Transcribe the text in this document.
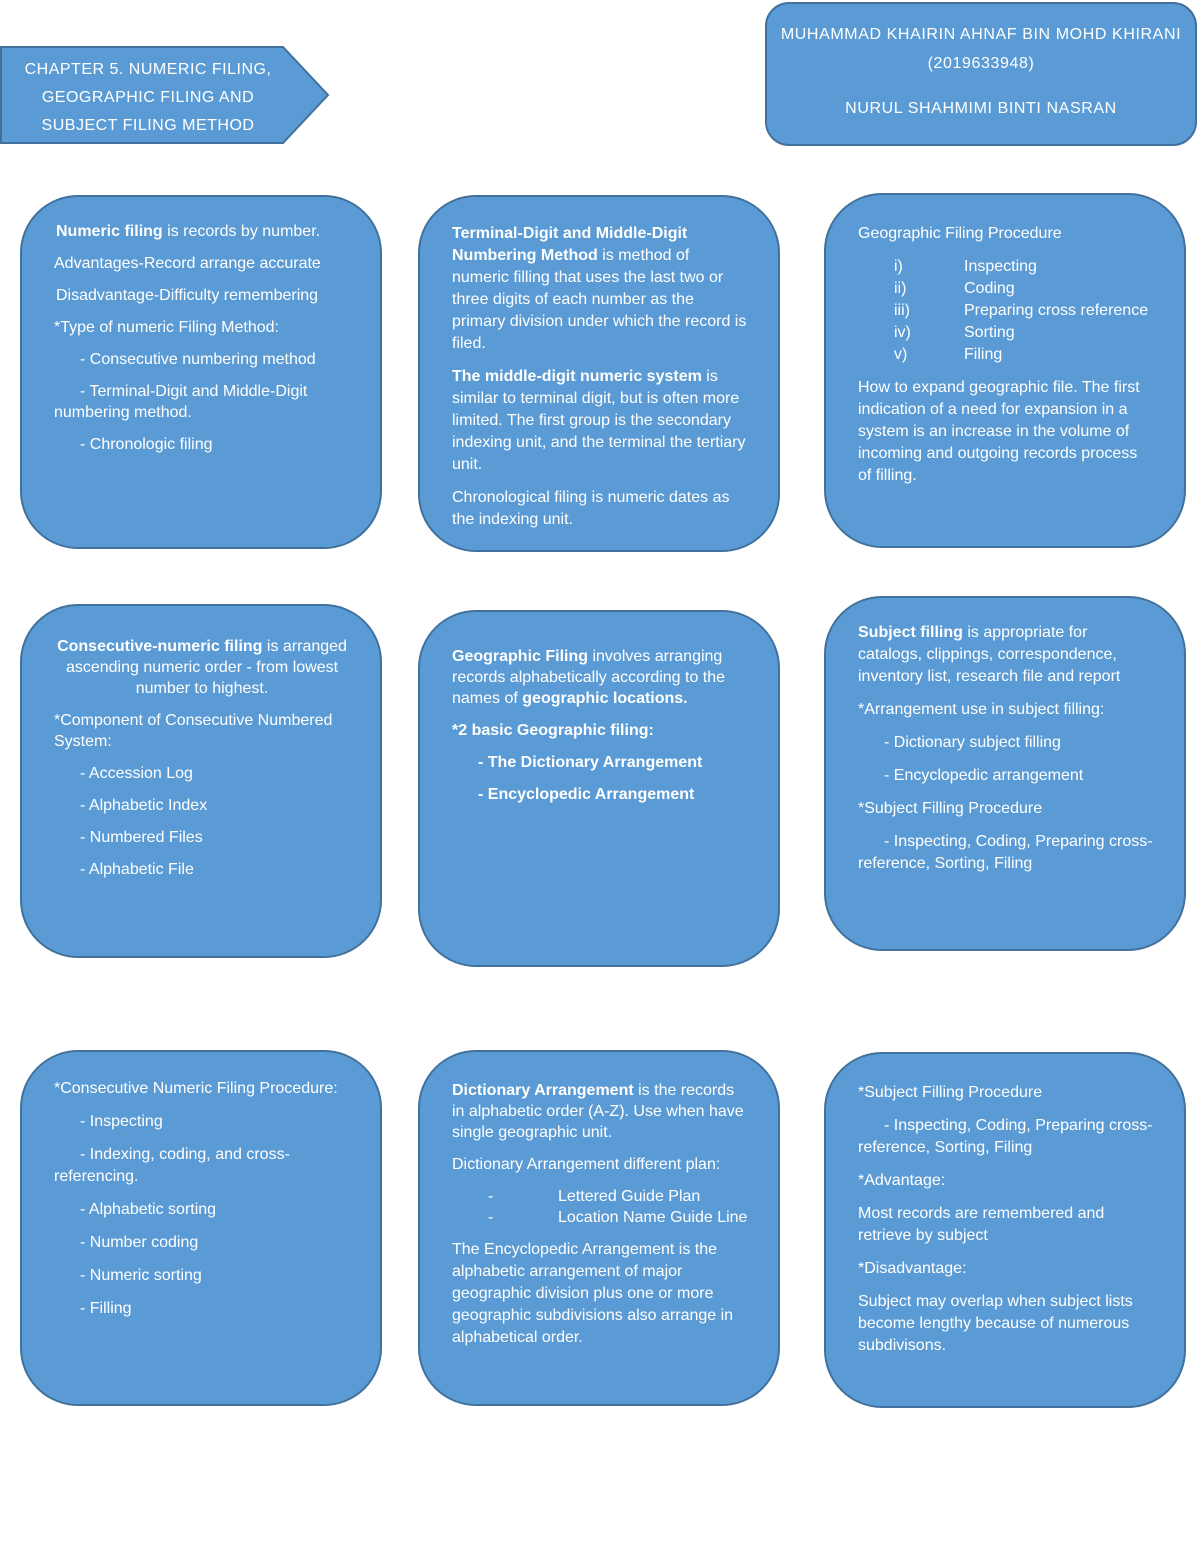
CHAPTER 5. NUMERIC FILING, GEOGRAPHIC FILING AND SUBJECT FILING METHOD
MUHAMMAD KHAIRIN AHNAF BIN MOHD KHIRANI (2019633948)
NURUL SHAHMIMI BINTI NASRAN

Numeric filing is records by number.

Advantages-Record arrange accurate

Disadvantage-Difficulty remembering

*Type of numeric Filing Method:

- Consecutive numbering method

- Terminal-Digit and Middle-Digit numbering method.

- Chronologic filing

Terminal-Digit and Middle-Digit Numbering Method is method of numeric filling that uses the last two or three digits of each number as the primary division under which the record is filed.

The middle-digit numeric system is similar to terminal digit, but is often more limited. The first group is the secondary indexing unit, and the terminal the tertiary unit.

Chronological filing is numeric dates as the indexing unit.

Geographic Filing Procedure

i)	Inspecting
ii)	Coding
iii)	Preparing cross reference
iv)	Sorting
v)	Filing

How to expand geographic file. The first indication of a need for expansion in a system is an increase in the volume of incoming and outgoing records process of filling.

Consecutive-numeric filing is arranged ascending numeric order - from lowest number to highest.

*Component of Consecutive Numbered System:

- Accession Log

- Alphabetic Index

- Numbered Files

- Alphabetic File

Geographic Filing involves arranging records alphabetically according to the names of geographic locations.

*2 basic Geographic filing:

- The Dictionary Arrangement

- Encyclopedic Arrangement

Subject filling is appropriate for catalogs, clippings, correspondence, inventory list, research file and report

*Arrangement use in subject filling:

- Dictionary subject filling

- Encyclopedic arrangement

*Subject Filling Procedure

- Inspecting, Coding, Preparing cross-reference, Sorting, Filing

*Consecutive Numeric Filing Procedure:

- Inspecting

- Indexing, coding, and cross-referencing.

- Alphabetic sorting

- Number coding

- Numeric sorting

- Filling

Dictionary Arrangement is the records in alphabetic order (A-Z). Use when have single geographic unit.

Dictionary Arrangement different plan:

-	Lettered Guide Plan
-	Location Name Guide Line

The Encyclopedic Arrangement is the alphabetic arrangement of major geographic division plus one or more geographic subdivisions also arrange in alphabetical order.

*Subject Filling Procedure

- Inspecting, Coding, Preparing cross-reference, Sorting, Filing

*Advantage:

Most records are remembered and retrieve by subject

*Disadvantage:

Subject may overlap when subject lists become lengthy because of numerous subdivisons.
